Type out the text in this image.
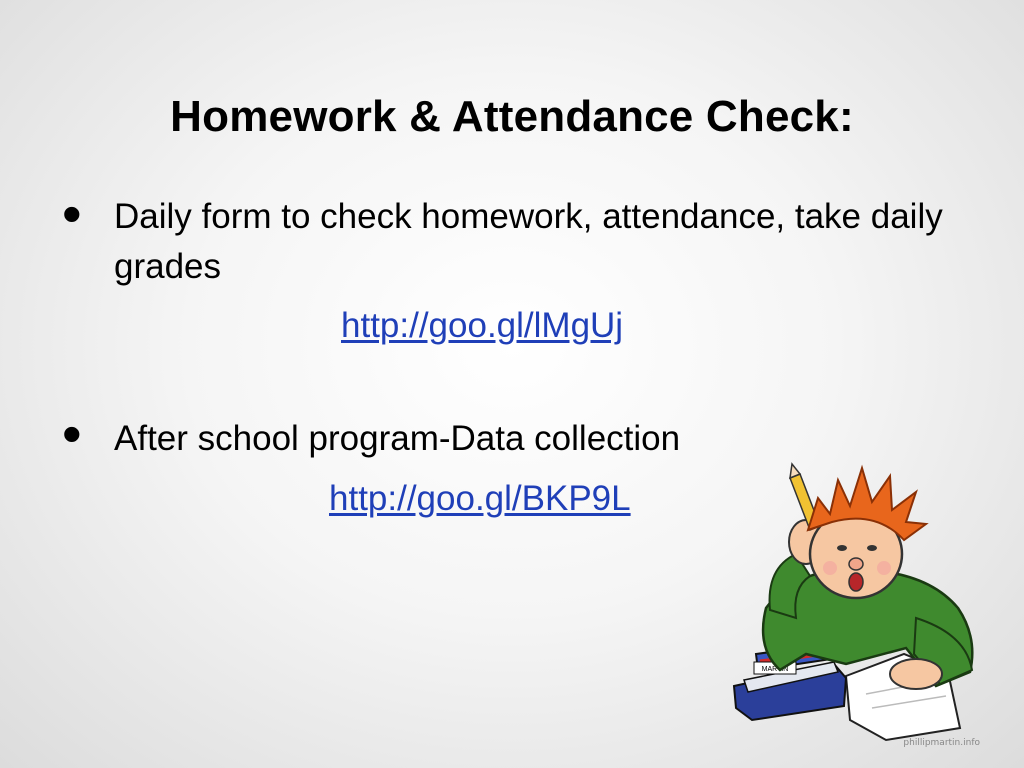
Homework & Attendance Check:
• Daily form to check homework, attendance, take daily grades
http://goo.gl/lMgUj
• After school program-Data collection
http://goo.gl/BKP9L
MARTIN
phillipmartin.info
